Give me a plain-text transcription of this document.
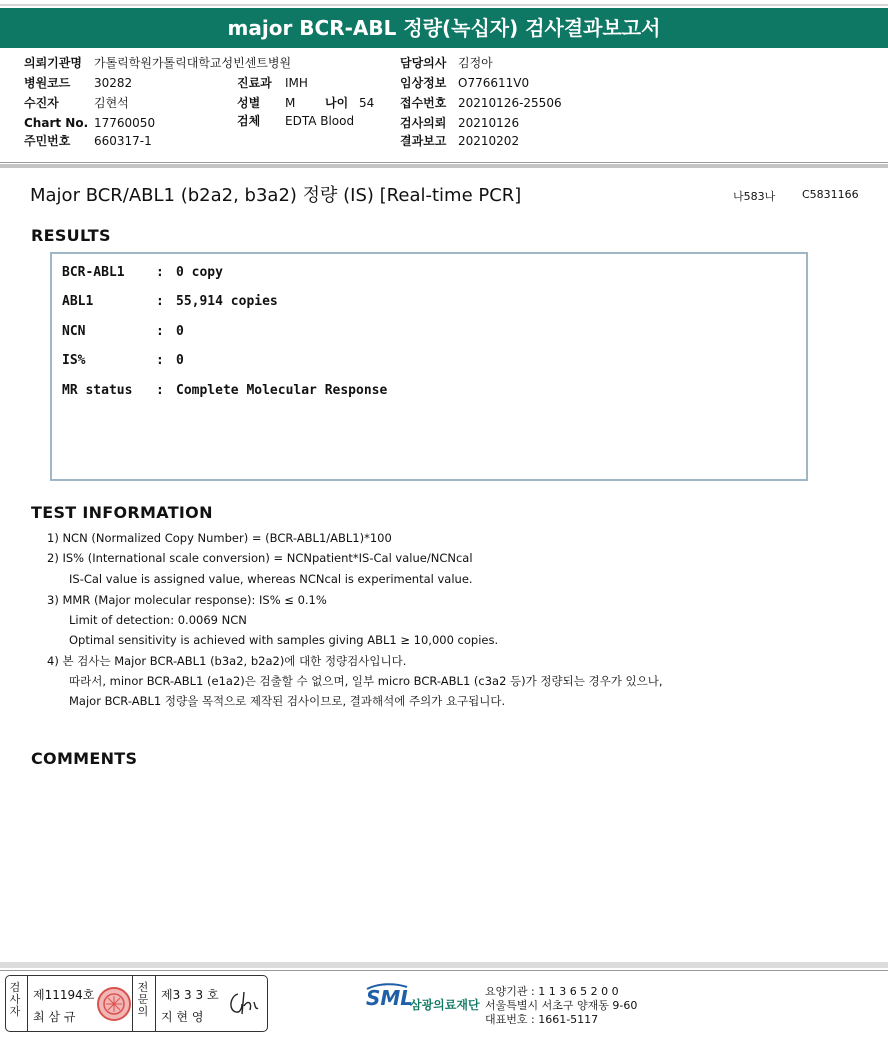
major BCR-ABL 정량(녹십자) 검사결과보고서
의뢰기관명 가톨릭학원가톨릭대학교성빈센트병원
병원코드 30282
수진자	김현석
Chart No. 17760050
주민번호 660317-1
진료과 IMH
성별 M 나이 54
검체 EDTA Blood
담당의사 김정아
임상정보 O776611V0
접수번호 20210126-25506
검사의뢰 20210126
결과보고 20210202
Major BCR/ABL1 (b2a2, b3a2) 정량 (IS) [Real-time PCR]	나583나 C5831166
RESULTS
BCR-ABL1 : 0 copy
ABL1	: 55,914 copies
NCN	: 0
IS%	: 0
MR status : Complete Molecular Response
TEST INFORMATION
1) NCN (Normalized Copy Number) = (BCR-ABL1/ABL1)*100
2) IS% (International scale conversion) = NCNpatient*IS-Cal value/NCNcal
IS-Cal value is assigned value, whereas NCNcal is experimental value.
3) MMR (Major molecular response): IS% ≤ 0.1%
Limit of detection: 0.0069 NCN
Optimal sensitivity is achieved with samples giving ABL1 ≥ 10,000 copies.
4) 본 검사는 Major BCR-ABL1 (b3a2, b2a2)에 대한 정량검사입니다.
따라서, minor BCR-ABL1 (e1a2)은 검출할 수 없으며, 일부 micro BCR-ABL1 (c3a2 등)가 정량되는 경우가 있으나,
Major BCR-ABL1 정량을 목적으로 제작된 검사이므로, 결과해석에 주의가 요구됩니다.
COMMENTS
검사자
제11194호
최 삼 규
전문의
제3 3 3 호
지 현 영
SML
삼광의료재단
요양기관 : 1 1 3 6 5 2 0 0
서울특별시 서초구 양재동 9-60
대표번호 : 1661-5117
